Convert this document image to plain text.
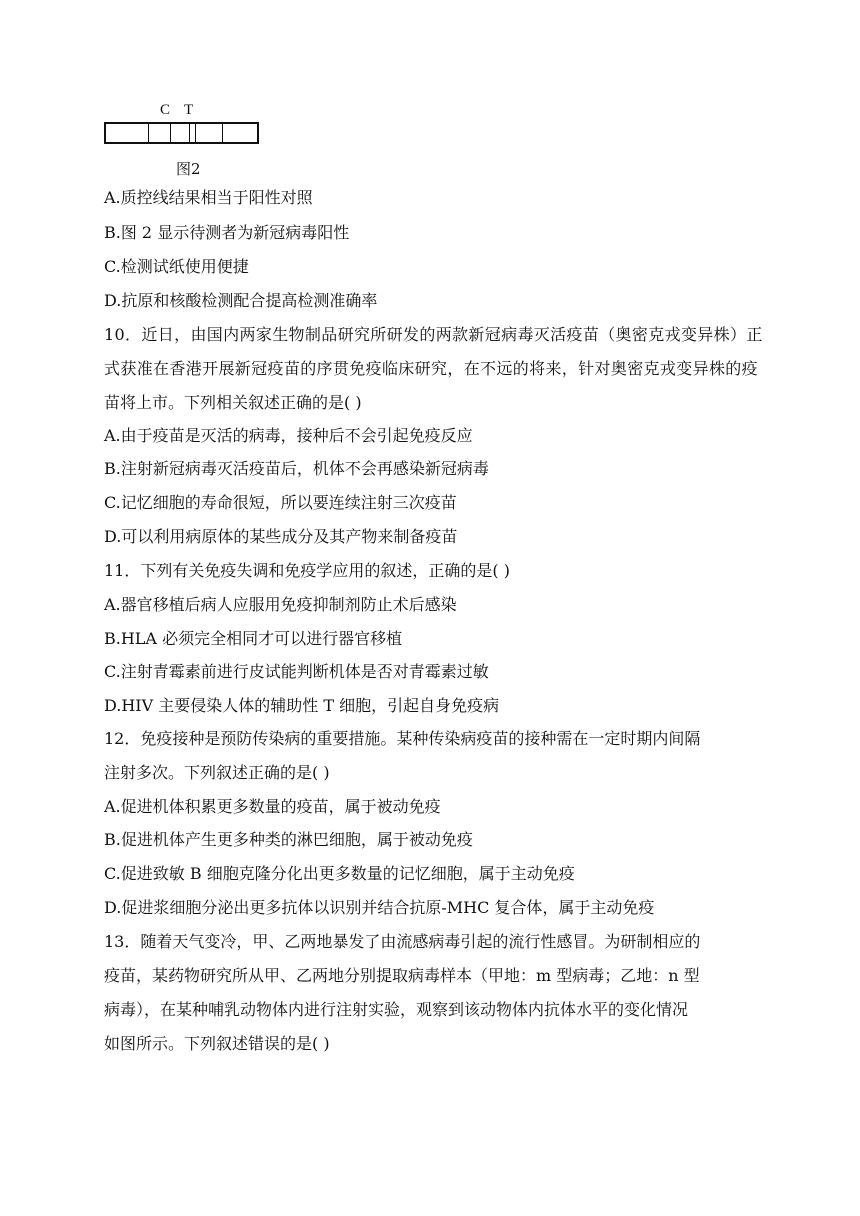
C T
图2
A.质控线结果相当于阳性对照
B.图 2 显示待测者为新冠病毒阳性
C.检测试纸使用便捷
D.抗原和核酸检测配合提高检测准确率
10．近日，由国内两家生物制品研究所研发的两款新冠病毒灭活疫苗（奥密克戎变异株）正
式获准在香港开展新冠疫苗的序贯免疫临床研究，在不远的将来，针对奥密克戎变异株的疫
苗将上市。下列相关叙述正确的是( )
A.由于疫苗是灭活的病毒，接种后不会引起免疫反应
B.注射新冠病毒灭活疫苗后，机体不会再感染新冠病毒
C.记忆细胞的寿命很短，所以要连续注射三次疫苗
D.可以利用病原体的某些成分及其产物来制备疫苗
11．下列有关免疫失调和免疫学应用的叙述，正确的是( )
A.器官移植后病人应服用免疫抑制剂防止术后感染
B.HLA 必须完全相同才可以进行器官移植
C.注射青霉素前进行皮试能判断机体是否对青霉素过敏
D.HIV 主要侵染人体的辅助性 T 细胞，引起自身免疫病
12．免疫接种是预防传染病的重要措施。某种传染病疫苗的接种需在一定时期内间隔
注射多次。下列叙述正确的是( )
A.促进机体积累更多数量的疫苗，属于被动免疫
B.促进机体产生更多种类的淋巴细胞，属于被动免疫
C.促进致敏 B 细胞克隆分化出更多数量的记忆细胞，属于主动免疫
D.促进浆细胞分泌出更多抗体以识别并结合抗原-MHC 复合体，属于主动免疫
13．随着天气变冷，甲、乙两地暴发了由流感病毒引起的流行性感冒。为研制相应的
疫苗，某药物研究所从甲、乙两地分别提取病毒样本（甲地：m 型病毒；乙地：n 型
病毒），在某种哺乳动物体内进行注射实验，观察到该动物体内抗体水平的变化情况
如图所示。下列叙述错误的是( )
